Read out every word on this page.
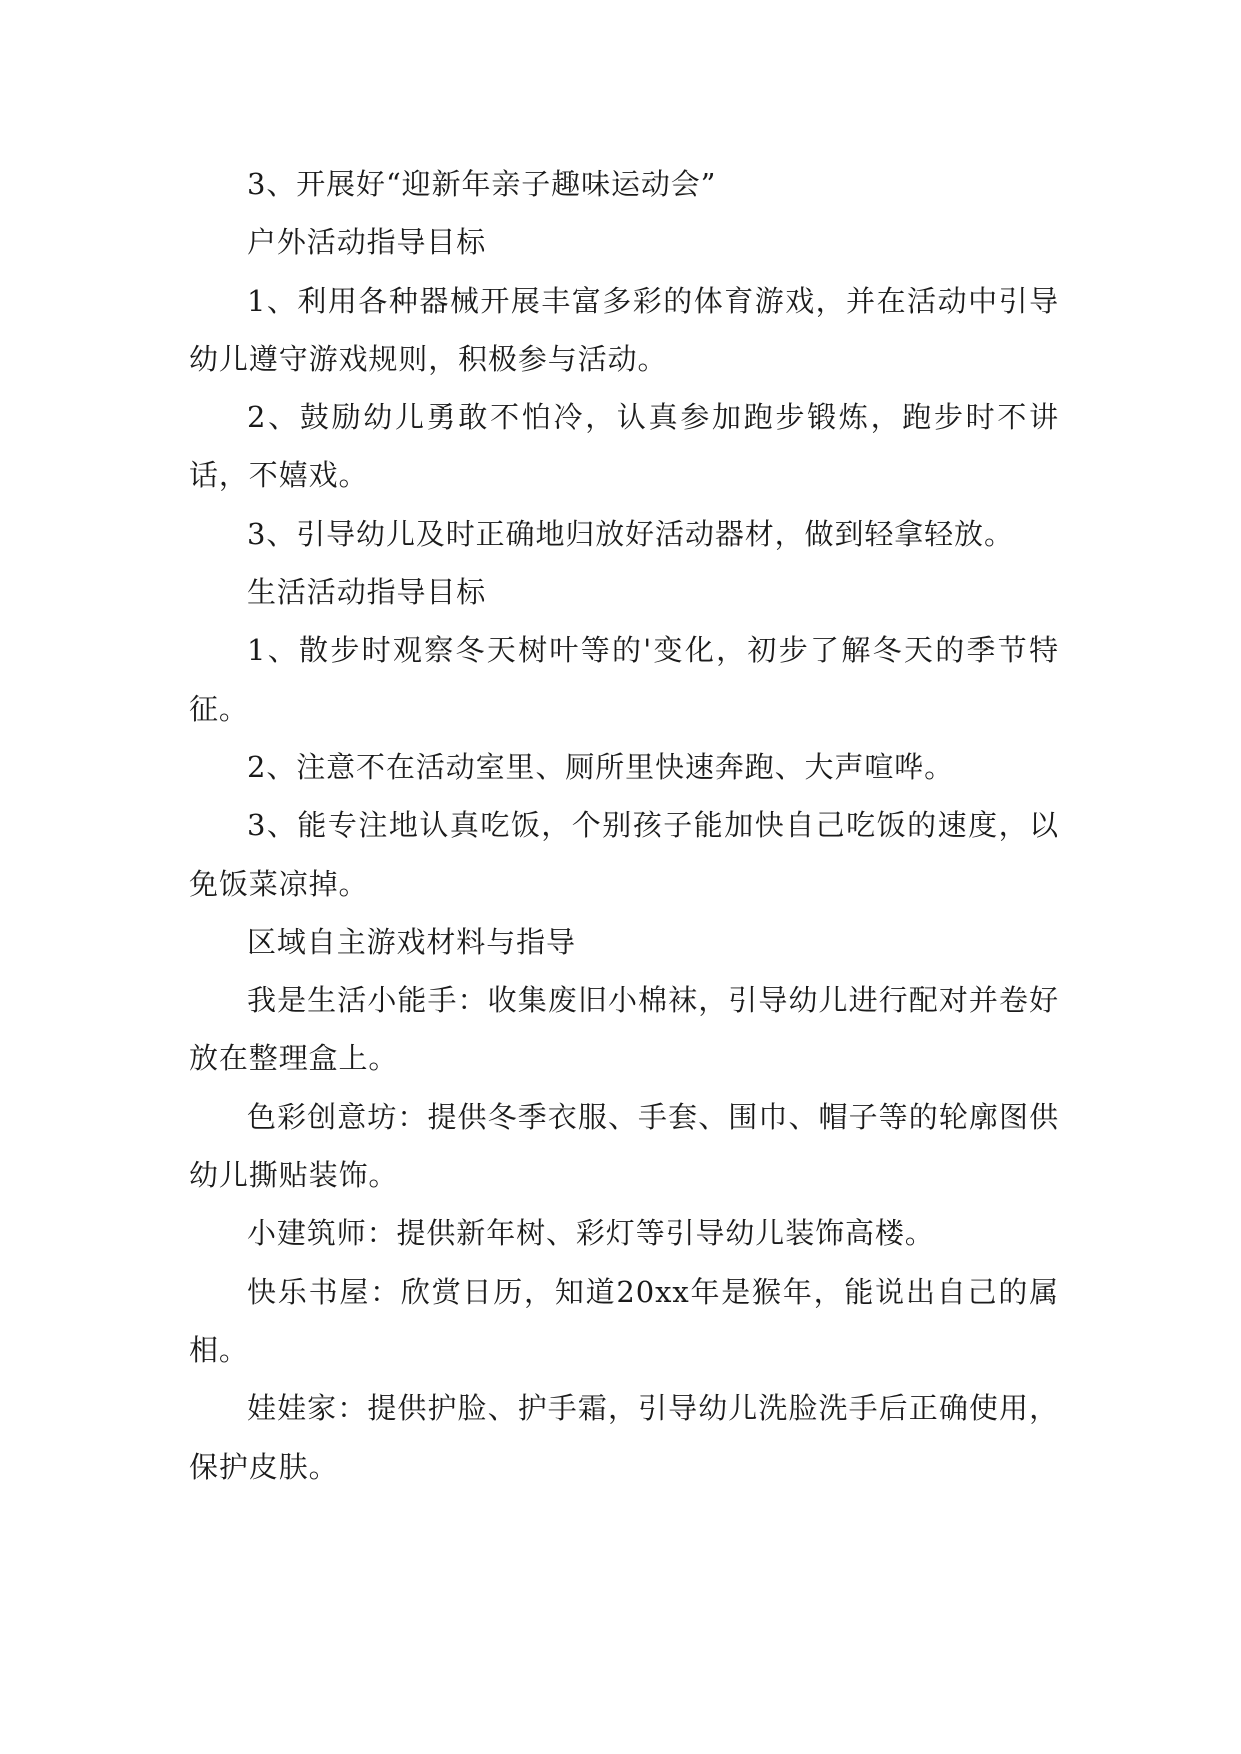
3、开展好“迎新年亲子趣味运动会”

户外活动指导目标

1、利用各种器械开展丰富多彩的体育游戏，并在活动中引导幼儿遵守游戏规则，积极参与活动。

2、鼓励幼儿勇敢不怕冷，认真参加跑步锻炼，跑步时不讲话，不嬉戏。

3、引导幼儿及时正确地归放好活动器材，做到轻拿轻放。

生活活动指导目标

1、散步时观察冬天树叶等的'变化，初步了解冬天的季节特征。

2、注意不在活动室里、厕所里快速奔跑、大声喧哗。

3、能专注地认真吃饭，个别孩子能加快自己吃饭的速度，以免饭菜凉掉。

区域自主游戏材料与指导

我是生活小能手：收集废旧小棉袜，引导幼儿进行配对并卷好放在整理盒上。

色彩创意坊：提供冬季衣服、手套、围巾、帽子等的轮廓图供幼儿撕贴装饰。

小建筑师：提供新年树、彩灯等引导幼儿装饰高楼。

快乐书屋：欣赏日历，知道20xx年是猴年，能说出自己的属相。

娃娃家：提供护脸、护手霜，引导幼儿洗脸洗手后正确使用，保护皮肤。
